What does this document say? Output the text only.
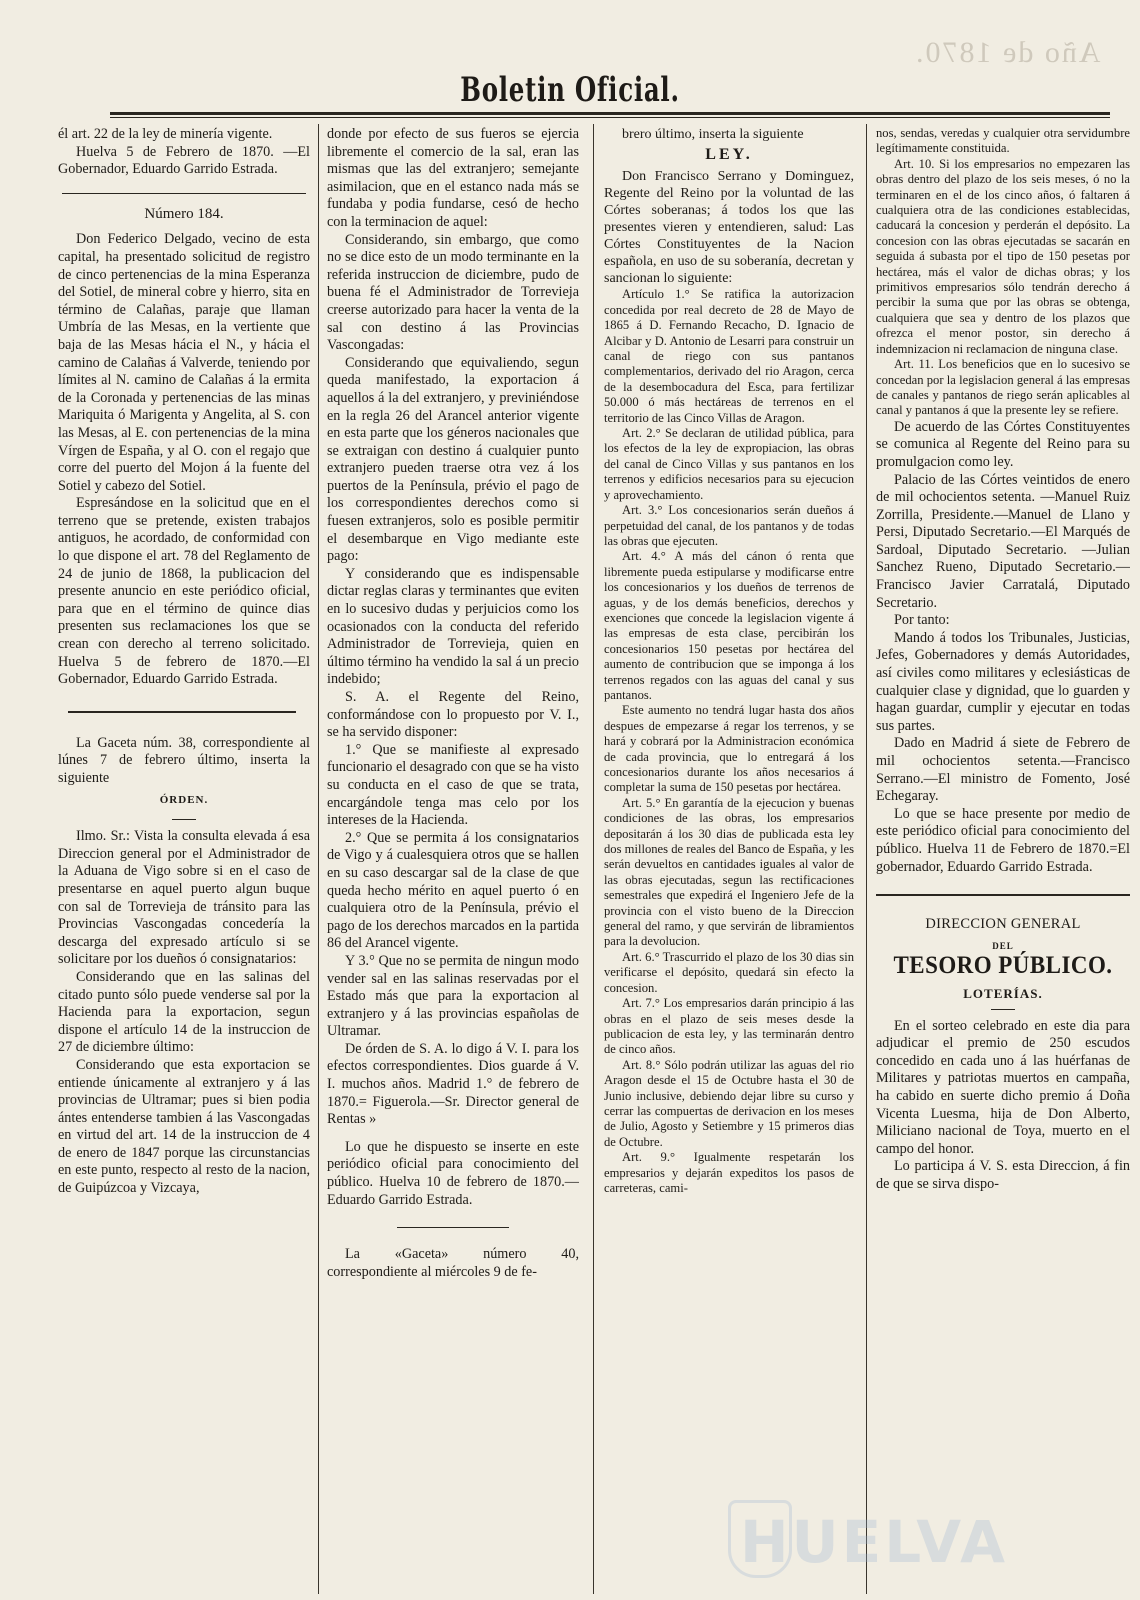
Año de 1870.
Boletin Oficial.

él art. 22 de la ley de minería vigente.

Huelva 5 de Febrero de 1870. —El Gobernador, Eduardo Garrido Estrada.

Número 184.

Don Federico Delgado, vecino de esta capital, ha presentado solicitud de registro de cinco pertenencias de la mina Esperanza del Sotiel, de mineral cobre y hierro, sita en término de Calañas, paraje que llaman Umbría de las Mesas, en la vertiente que baja de las Mesas hácia el N., y hácia el camino de Calañas á Valverde, teniendo por límites al N. camino de Calañas á la ermita de la Coronada y pertenencias de las minas Mariquita ó Marigenta y Angelita, al S. con las Mesas, al E. con pertenencias de la mina Vírgen de España, y al O. con el regajo que corre del puerto del Mojon á la fuente del Sotiel y cabezo del Sotiel.

Espresándose en la solicitud que en el terreno que se pretende, existen trabajos antiguos, he acordado, de conformidad con lo que dispone el art. 78 del Reglamento de 24 de junio de 1868, la publicacion del presente anuncio en este periódico oficial, para que en el término de quince dias presenten sus reclamaciones los que se crean con derecho al terreno solicitado. Huelva 5 de febrero de 1870.—El Gobernador, Eduardo Garrido Estrada.

La Gaceta núm. 38, correspondiente al lúnes 7 de febrero último, inserta la siguiente

ÓRDEN.

Ilmo. Sr.: Vista la consulta elevada á esa Direccion general por el Administrador de la Aduana de Vigo sobre si en el caso de presentarse en aquel puerto algun buque con sal de Torrevieja de tránsito para las Provincias Vascongadas concedería la descarga del expresado artículo si se solicitare por los dueños ó consignatarios:

Considerando que en las salinas del citado punto sólo puede venderse sal por la Hacienda para la exportacion, segun dispone el artículo 14 de la instruccion de 27 de diciembre último:

Considerando que esta exportacion se entiende únicamente al extranjero y á las provincias de Ultramar; pues si bien podia ántes entenderse tambien á las Vascongadas en virtud del art. 14 de la instruccion de 4 de enero de 1847 porque las circunstancias en este punto, respecto al resto de la nacion, de Guipúzcoa y Vizcaya,

donde por efecto de sus fueros se ejercia libremente el comercio de la sal, eran las mismas que las del extranjero; semejante asimilacion, que en el estanco nada más se fundaba y podia fundarse, cesó de hecho con la terminacion de aquel:

Considerando, sin embargo, que como no se dice esto de un modo terminante en la referida instruccion de diciembre, pudo de buena fé el Administrador de Torrevieja creerse autorizado para hacer la venta de la sal con destino á las Provincias Vascongadas:

Considerando que equivaliendo, segun queda manifestado, la exportacion á aquellos á la del extranjero, y previniéndose en la regla 26 del Arancel anterior vigente en esta parte que los géneros nacionales que se extraigan con destino á cualquier punto extranjero pueden traerse otra vez á los puertos de la Península, prévio el pago de los correspondientes derechos como si fuesen extranjeros, solo es posible permitir el desembarque en Vigo mediante este pago:

Y considerando que es indispensable dictar reglas claras y terminantes que eviten en lo sucesivo dudas y perjuicios como los ocasionados con la conducta del referido Administrador de Torrevieja, quien en último término ha vendido la sal á un precio indebido;

S. A. el Regente del Reino, conformándose con lo propuesto por V. I., se ha servido disponer:

1.° Que se manifieste al expresado funcionario el desagrado con que se ha visto su conducta en el caso de que se trata, encargándole tenga mas celo por los intereses de la Hacienda.

2.° Que se permita á los consignatarios de Vigo y á cualesquiera otros que se hallen en su caso descargar sal de la clase de que queda hecho mérito en aquel puerto ó en cualquiera otro de la Península, prévio el pago de los derechos marcados en la partida 86 del Arancel vigente.

Y 3.° Que no se permita de ningun modo vender sal en las salinas reservadas por el Estado más que para la exportacion al extranjero y á las provincias españolas de Ultramar.

De órden de S. A. lo digo á V. I. para los efectos correspondientes. Dios guarde á V. I. muchos años. Madrid 1.° de febrero de 1870.= Figuerola.—Sr. Director general de Rentas »

Lo que he dispuesto se inserte en este periódico oficial para conocimiento del público. Huelva 10 de febrero de 1870.—Eduardo Garrido Estrada.

La «Gaceta» número 40, correspondiente al miércoles 9 de fe-

brero último, inserta la siguiente

LEY.

Don Francisco Serrano y Dominguez, Regente del Reino por la voluntad de las Córtes soberanas; á todos los que las presentes vieren y entendieren, salud: Las Córtes Constituyentes de la Nacion española, en uso de su soberanía, decretan y sancionan lo siguiente:

Artículo 1.° Se ratifica la autorizacion concedida por real decreto de 28 de Mayo de 1865 á D. Fernando Recacho, D. Ignacio de Alcibar y D. Antonio de Lesarri para construir un canal de riego con sus pantanos complementarios, derivado del rio Aragon, cerca de la desembocadura del Esca, para fertilizar 50.000 ó más hectáreas de terrenos en el territorio de las Cinco Villas de Aragon.

Art. 2.° Se declaran de utilidad pública, para los efectos de la ley de expropiacion, las obras del canal de Cinco Villas y sus pantanos en los terrenos y edificios necesarios para su ejecucion y aprovechamiento.

Art. 3.° Los concesionarios serán dueños á perpetuidad del canal, de los pantanos y de todas las obras que ejecuten.

Art. 4.° A más del cánon ó renta que libremente pueda estipularse y modificarse entre los concesionarios y los dueños de terrenos de aguas, y de los demás beneficios, derechos y exenciones que concede la legislacion vigente á las empresas de esta clase, percibirán los concesionarios 150 pesetas por hectárea del aumento de contribucion que se imponga á los terrenos regados con las aguas del canal y sus pantanos.

Este aumento no tendrá lugar hasta dos años despues de empezarse á regar los terrenos, y se hará y cobrará por la Administracion económica de cada provincia, que lo entregará á los concesionarios durante los años necesarios á completar la suma de 150 pesetas por hectárea.

Art. 5.° En garantía de la ejecucion y buenas condiciones de las obras, los empresarios depositarán á los 30 dias de publicada esta ley dos millones de reales del Banco de España, y les serán devueltos en cantidades iguales al valor de las obras ejecutadas, segun las rectificaciones semestrales que expedirá el Ingeniero Jefe de la provincia con el visto bueno de la Direccion general del ramo, y que servirán de libramientos para la devolucion.

Art. 6.° Trascurrido el plazo de los 30 dias sin verificarse el depósito, quedará sin efecto la concesion.

Art. 7.° Los empresarios darán principio á las obras en el plazo de seis meses desde la publicacion de esta ley, y las terminarán dentro de cinco años.

Art. 8.° Sólo podrán utilizar las aguas del rio Aragon desde el 15 de Octubre hasta el 30 de Junio inclusive, debiendo dejar libre su curso y cerrar las compuertas de derivacion en los meses de Julio, Agosto y Setiembre y 15 primeros dias de Octubre.

Art. 9.° Igualmente respetarán los empresarios y dejarán expeditos los pasos de carreteras, cami-

nos, sendas, veredas y cualquier otra servidumbre legítimamente constituida.

Art. 10. Si los empresarios no empezaren las obras dentro del plazo de los seis meses, ó no la terminaren en el de los cinco años, ó faltaren á cualquiera otra de las condiciones establecidas, caducará la concesion y perderán el depósito. La concesion con las obras ejecutadas se sacarán en seguida á subasta por el tipo de 150 pesetas por hectárea, más el valor de dichas obras; y los primitivos empresarios sólo tendrán derecho á percibir la suma que por las obras se obtenga, cualquiera que sea y dentro de los plazos que ofrezca el menor postor, sin derecho á indemnizacion ni reclamacion de ninguna clase.

Art. 11. Los beneficios que en lo sucesivo se concedan por la legislacion general á las empresas de canales y pantanos de riego serán aplicables al canal y pantanos á que la presente ley se refiere.

De acuerdo de las Córtes Constituyentes se comunica al Regente del Reino para su promulgacion como ley.

Palacio de las Córtes veintidos de enero de mil ochocientos setenta. —Manuel Ruiz Zorrilla, Presidente.—Manuel de Llano y Persi, Diputado Secretario.—El Marqués de Sardoal, Diputado Secretario. —Julian Sanchez Rueno, Diputado Secretario.—Francisco Javier Carratalá, Diputado Secretario.

Por tanto:

Mando á todos los Tribunales, Justicias, Jefes, Gobernadores y demás Autoridades, así civiles como militares y eclesiásticas de cualquier clase y dignidad, que lo guarden y hagan guardar, cumplir y ejecutar en todas sus partes.

Dado en Madrid á siete de Febrero de mil ochocientos setenta.—Francisco Serrano.—El ministro de Fomento, José Echegaray.

Lo que se hace presente por medio de este periódico oficial para conocimiento del público. Huelva 11 de Febrero de 1870.=El gobernador, Eduardo Garrido Estrada.

DIRECCION GENERAL
DEL
TESORO PÚBLICO.
LOTERÍAS.

En el sorteo celebrado en este dia para adjudicar el premio de 250 escudos concedido en cada uno á las huérfanas de Militares y patriotas muertos en campaña, ha cabido en suerte dicho premio á Doña Vicenta Luesma, hija de Don Alberto, Miliciano nacional de Toya, muerto en el campo del honor.

Lo participa á V. S. esta Direccion, á fin de que se sirva dispo-

HUELVA
